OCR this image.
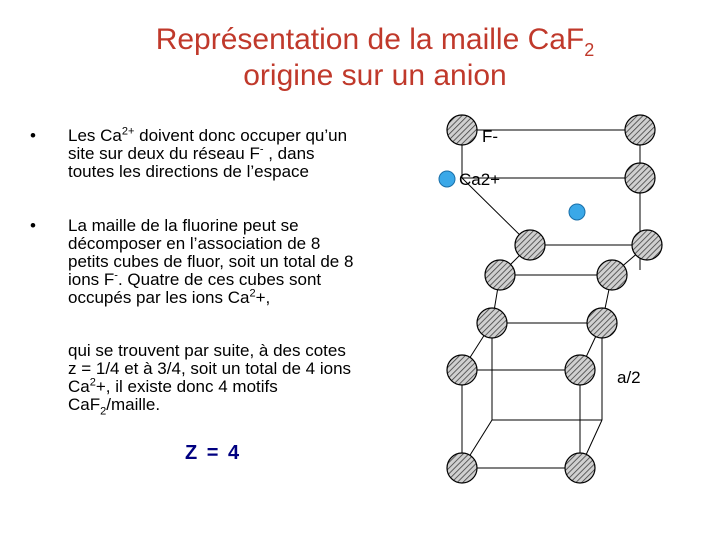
Représentation de la maille CaF$_2$
origine sur un anion
• Les $Ca^{2+}$ doivent donc occuper qu’un
site sur deux du réseau F- , dans
toutes les directions de l’espace
• La maille de la fluorine peut se
décomposer en l’association de 8
petits cubes de fluor, soit un total de 8
ions F-. Quatre de ces cubes sont
occupés par les ions $Ca^2+$,
qui se trouvent par suite, à des cotes
z = 1/4 et à 3/4, soit un total de 4 ions
$Ca^2+$, il existe donc 4 motifs
CaF$_2$/maille.
Z = 4
F-
Ca2+
a/2
